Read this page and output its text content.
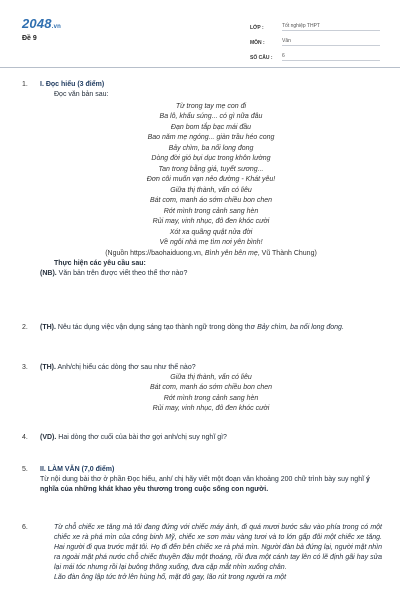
2048.vn
Đề 9
LỚP :	Tốt nghiệp THPT
MÔN :	Văn
SỐ CÂU :	6
1. I. Đọc hiểu (3 điểm)
Đọc văn bản sau:
Từ trong tay mẹ con đi
Ba lô, khẩu súng... có gì nữa đâu
Đạn bom tắp bạc mái đầu
Bao năm mẹ ngóng... giàn trầu héo cong
Bảy chìm, ba nổi long đong
Dòng đời gió bụi dục trong khôn lường
Tan trong bằng giá, tuyết sương...
Đơn côi muốn vạn nẻo đường - Khát yêu!
Giữa thị thành, vấn có liêu
Bát cơm, manh áo sớm chiều bon chen
Rớt mình trong cảnh sang hèn
Rủi may, vinh nhục, đỏ đen khóc cười
Xót xa quãng quật nửa đời
Về ngôi nhà mẹ tìm nơi yên bình!
(Nguồn https://baohaiduong.vn, Bình yên bên mẹ, Vũ Thành Chung)
Thực hiện các yêu cầu sau:
(NB). Văn bản trên được viết theo thể thơ nào?
2. (TH). Nêu tác dụng việc vận dụng sáng tạo thành ngữ trong dòng thơ Bảy chìm, ba nổi long đong.
3. (TH). Anh/chị hiểu các dòng thơ sau như thế nào?
Giữa thị thành, vấn có liêu
Bát cơm, manh áo sớm chiều bon chen
Rớt mình trong cảnh sang hèn
Rủi may, vinh nhục, đỏ đen khóc cười
4. (VD). Hai dòng thơ cuối của bài thơ gợi anh/chị suy nghĩ gì?
5. II. LÀM VĂN (7,0 điểm)
Từ nội dung bài thơ ở phần Đọc hiểu, anh/ chị hãy viết một đoạn văn khoảng 200 chữ trình bày suy nghĩ ý nghĩa của những khát khao yêu thương trong cuộc sống con người.
6.	Từ chỗ chiếc xe tăng mà tôi đang đứng với chiếc máy ảnh, đi quá mươi bước sâu vào phía trong có một chiếc xe rà phá mìn của công binh Mỹ, chiếc xe sơn màu vàng tươi và to lớn gấp đôi một chiếc xe tăng. Hai người đi qua trước mặt tôi. Họ đi đến bên chiếc xe rà phá mìn. Người đàn bà đứng lại, người mặt nhìn ra ngoài mặt phá nước chỗ chiếc thuyền đậu một thoáng, rồi đưa một cánh tay lên có lẽ định gãi hay sửa lại mái tóc nhưng rồi lại buông thõng xuống, đưa cặp mắt nhìn xuống chân.
Lão đàn ông lập tức trở lên hùng hổ, mặt đỏ gay, lão rút trong người ra một
